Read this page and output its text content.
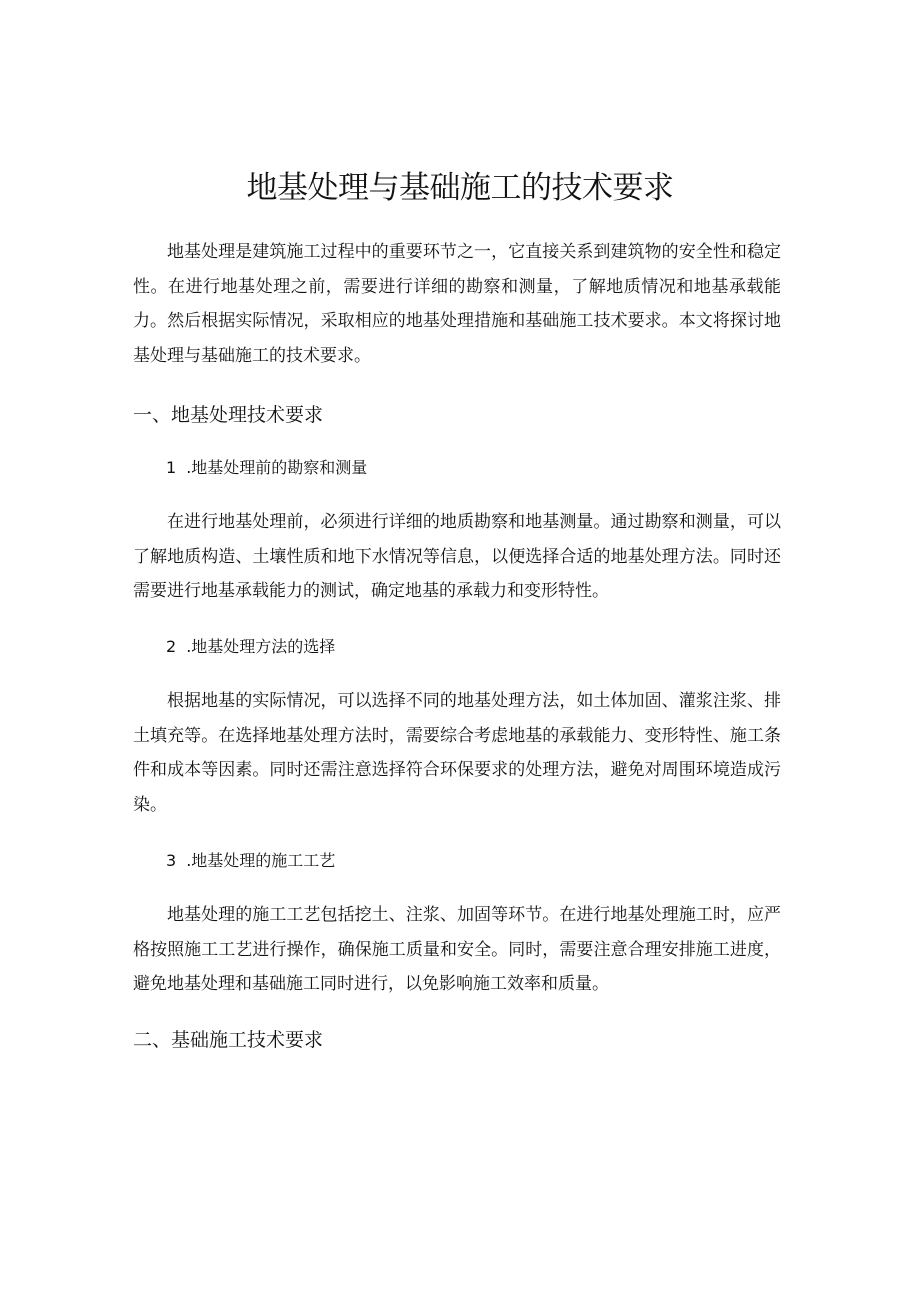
地基处理与基础施工的技术要求

地基处理是建筑施工过程中的重要环节之一，它直接关系到建筑物的安全性和稳定性。在进行地基处理之前，需要进行详细的勘察和测量，了解地质情况和地基承载能力。然后根据实际情况，采取相应的地基处理措施和基础施工技术要求。本文将探讨地基处理与基础施工的技术要求。

一、地基处理技术要求
1 .地基处理前的勘察和测量

在进行地基处理前，必须进行详细的地质勘察和地基测量。通过勘察和测量，可以了解地质构造、土壤性质和地下水情况等信息，以便选择合适的地基处理方法。同时还需要进行地基承载能力的测试，确定地基的承载力和变形特性。

2 .地基处理方法的选择

根据地基的实际情况，可以选择不同的地基处理方法，如土体加固、灌浆注浆、排土填充等。在选择地基处理方法时，需要综合考虑地基的承载能力、变形特性、施工条件和成本等因素。同时还需注意选择符合环保要求的处理方法，避免对周围环境造成污染。

3 .地基处理的施工工艺

地基处理的施工工艺包括挖土、注浆、加固等环节。在进行地基处理施工时，应严格按照施工工艺进行操作，确保施工质量和安全。同时，需要注意合理安排施工进度，避免地基处理和基础施工同时进行，以免影响施工效率和质量。

二、基础施工技术要求
